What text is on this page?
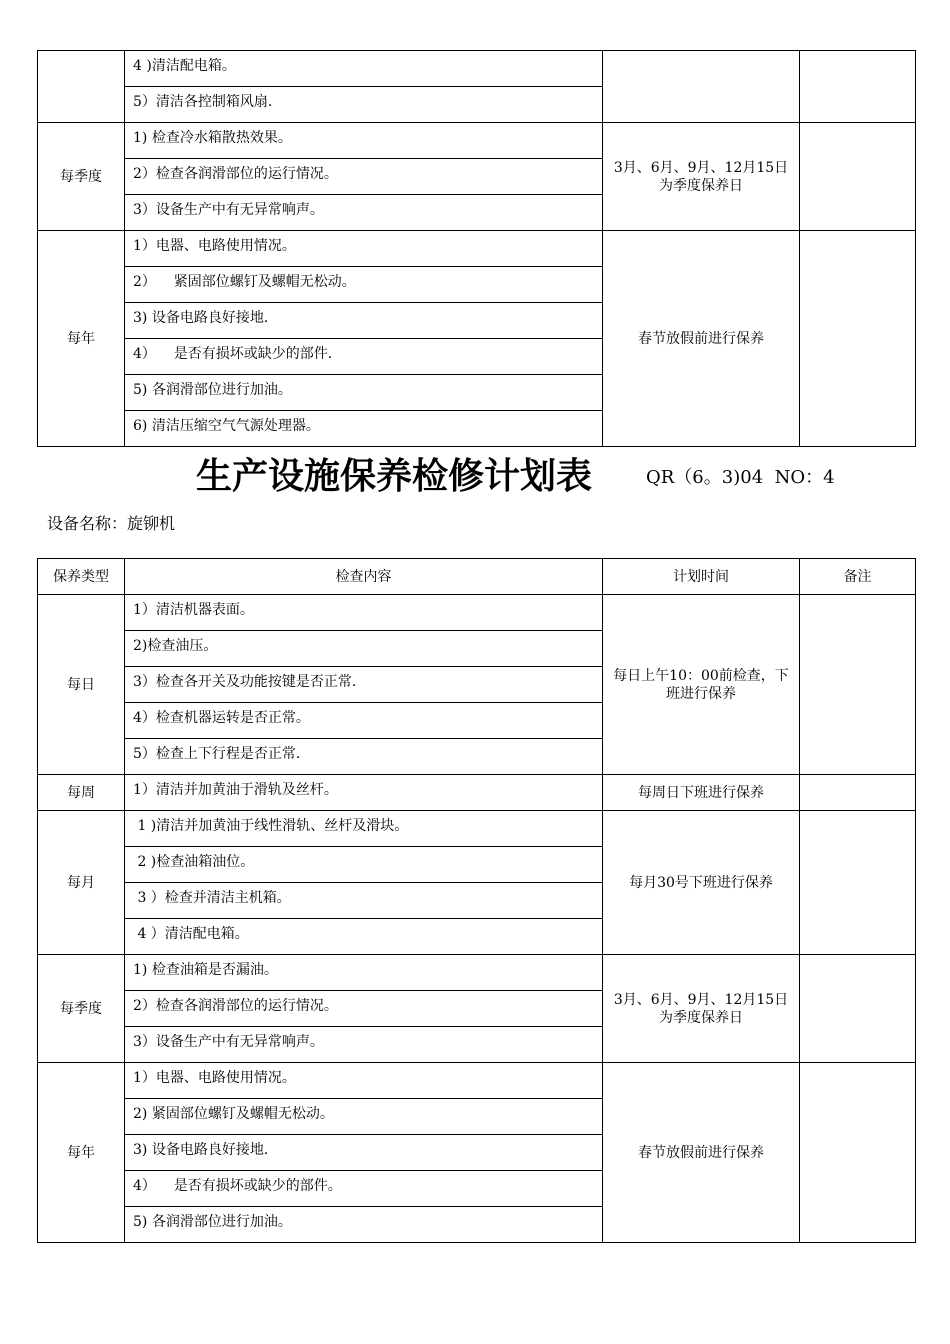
	4 )清洁配电箱。		
	5）清洁各控制箱风扇.		
每季度	1) 检查冷水箱散热效果。	3月、6月、9月、12月15日为季度保养日	
	2）检查各润滑部位的运行情况。		
	3）设备生产中有无异常响声。		
每年	1）电器、电路使用情况。	春节放假前进行保养	
	2）    紧固部位螺钉及螺帽无松动。		
	3) 设备电路良好接地.		
	4）    是否有损坏或缺少的部件.		
	5) 各润滑部位进行加油。		
	6) 清洁压缩空气气源处理器。		
生产设施保养检修计划表	QR（6。3)04  NO：4
设备名称：旋铆机
保养类型	检查内容	计划时间	备注
每日	1）清洁机器表面。	每日上午10：00前检查，下班进行保养	
	2)检查油压。		
	3）检查各开关及功能按键是否正常.		
	4）检查机器运转是否正常。		
	5）检查上下行程是否正常.		
每周	1）清洁并加黄油于滑轨及丝杆。	每周日下班进行保养	
每月	1 )清洁并加黄油于线性滑轨、丝杆及滑块。	每月30号下班进行保养	
	2 )检查油箱油位。		
	3 ）检查并清洁主机箱。		
	4 ）清洁配电箱。		
每季度	1) 检查油箱是否漏油。	3月、6月、9月、12月15日为季度保养日	
	2）检查各润滑部位的运行情况。		
	3）设备生产中有无异常响声。		
每年	1）电器、电路使用情况。	春节放假前进行保养	
	2) 紧固部位螺钉及螺帽无松动。		
	3) 设备电路良好接地.		
	4）    是否有损坏或缺少的部件。		
	5) 各润滑部位进行加油。		
